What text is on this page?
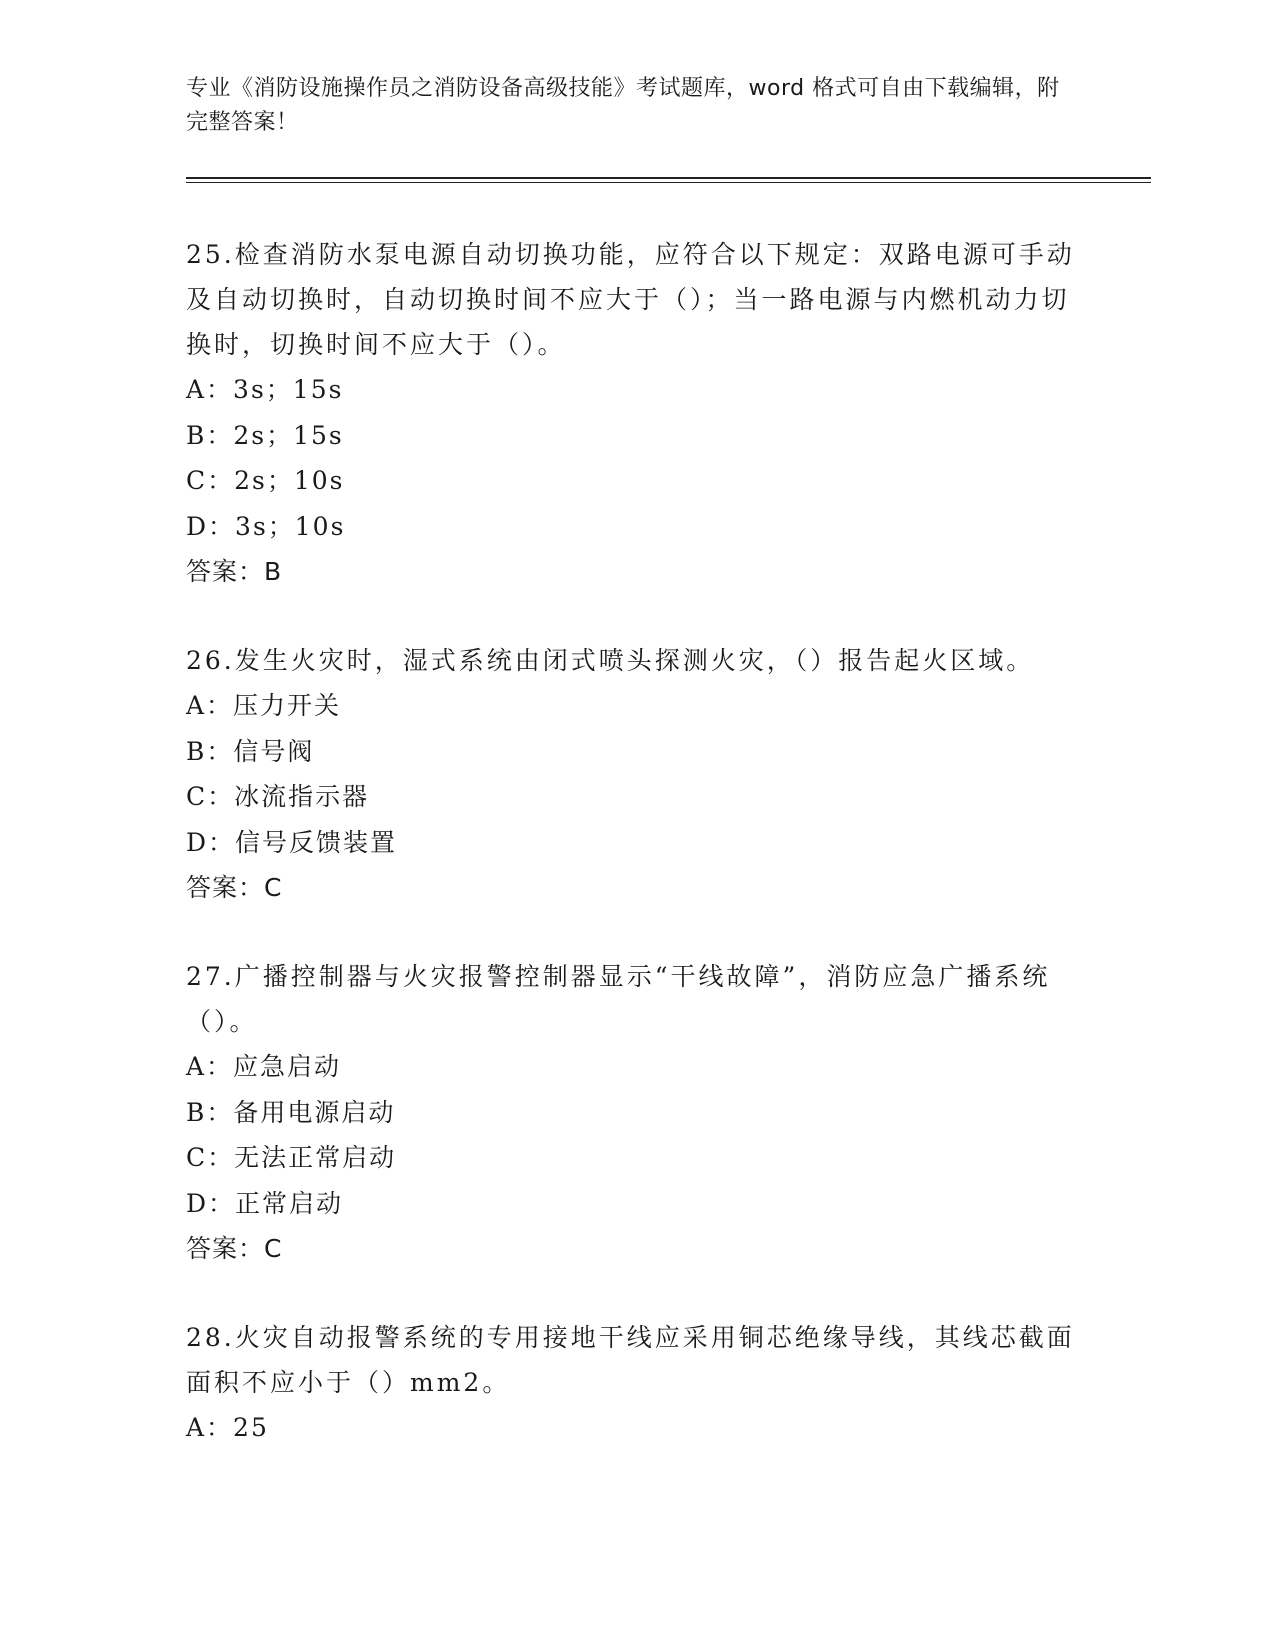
专业《消防设施操作员之消防设备高级技能》考试题库，word 格式可自由下载编辑，附完整答案！

25.检查消防水泵电源自动切换功能，应符合以下规定：双路电源可手动及自动切换时，自动切换时间不应大于（）；当一路电源与内燃机动力切换时，切换时间不应大于（）。

A：3s；15s

B：2s；15s

C：2s；10s

D：3s；10s

答案：B

26.发生火灾时，湿式系统由闭式喷头探测火灾，（）报告起火区域。

A：压力开关

B：信号阀

C：冰流指示器

D：信号反馈装置

答案：C

27.广播控制器与火灾报警控制器显示“干线故障”，消防应急广播系统（）。

A：应急启动

B：备用电源启动

C：无法正常启动

D：正常启动

答案：C

28.火灾自动报警系统的专用接地干线应采用铜芯绝缘导线，其线芯截面面积不应小于（）mm2。

A：25
